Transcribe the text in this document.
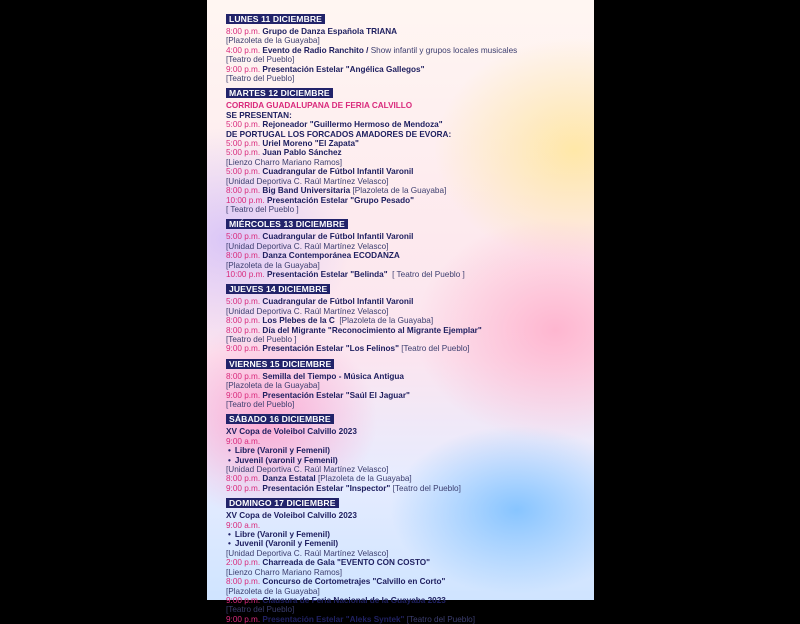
LUNES 11 DICIEMBRE
8:00 p.m. Grupo de Danza Española TRIANA
[Plazoleta de la Guayaba]
4:00 p.m. Evento de Radio Ranchito / Show infantil y grupos locales musicales
[Teatro del Pueblo]
9:00 p.m. Presentación Estelar "Angélica Gallegos"
[Teatro del Pueblo]
MARTES 12 DICIEMBRE
CORRIDA GUADALUPANA DE FERIA CALVILLO
SE PRESENTAN:
5:00 p.m. Rejoneador "Guillermo Hermoso de Mendoza"
DE PORTUGAL LOS FORCADOS AMADORES DE EVORA:
5:00 p.m. Uriel Moreno "El Zapata"
5:00 p.m. Juan Pablo Sánchez
[Lienzo Charro Mariano Ramos]
5:00 p.m. Cuadrangular de Fútbol Infantil Varonil
[Unidad Deportiva C. Raúl Martínez Velasco]
8:00 p.m. Big Band Universitaria [Plazoleta de la Guayaba]
10:00 p.m. Presentación Estelar "Grupo Pesado"
[ Teatro del Pueblo ]
MIÉRCOLES 13 DICIEMBRE
5:00 p.m. Cuadrangular de Fútbol Infantil Varonil
[Unidad Deportiva C. Raúl Martínez Velasco]
8:00 p.m. Danza Contemporánea ECODANZA
[Plazoleta de la Guayaba]
10:00 p.m. Presentación Estelar "Belinda"  [ Teatro del Pueblo ]
JUEVES 14 DICIEMBRE
5:00 p.m. Cuadrangular de Fútbol Infantil Varonil
[Unidad Deportiva C. Raúl Martínez Velasco]
8:00 p.m. Los Plebes de la C  [Plazoleta de la Guayaba]
8:00 p.m. Día del Migrante "Reconocimiento al Migrante Ejemplar"
[Teatro del Pueblo ]
9:00 p.m. Presentación Estelar "Los Felinos" [Teatro del Pueblo]
VIERNES 15 DICIEMBRE
8:00 p.m. Semilla del Tiempo - Música Antigua
[Plazoleta de la Guayaba]
9:00 p.m. Presentación Estelar "Saúl El Jaguar"
[Teatro del Pueblo]
SÁBADO 16 DICIEMBRE
XV Copa de Voleibol Calvillo 2023
9:00 a.m.
• Libre (Varonil y Femenil)
• Juvenil (varonil y Femenil)
[Unidad Deportiva C. Raúl Martínez Velasco]
8:00 p.m. Danza Estatal [Plazoleta de la Guayaba]
9:00 p.m. Presentación Estelar "Inspector" [Teatro del Pueblo]
DOMINGO 17 DICIEMBRE
XV Copa de Voleibol Calvillo 2023
9:00 a.m.
• Libre (Varonil y Femenil)
• Juvenil (Varonil y Femenil)
[Unidad Deportiva C. Raúl Martínez Velasco]
2:00 p.m. Charreada de Gala "EVENTO CON COSTO"
[Lienzo Charro Mariano Ramos]
8:00 p.m. Concurso de Cortometrajes "Calvillo en Corto"
[Plazoleta de la Guayaba]
9:00 p.m. Clausura de Feria Nacional de la Guayaba 2023
[Teatro del Pueblo]
9:00 p.m. Presentación Estelar "Aleks Syntek" [Teatro del Pueblo]
